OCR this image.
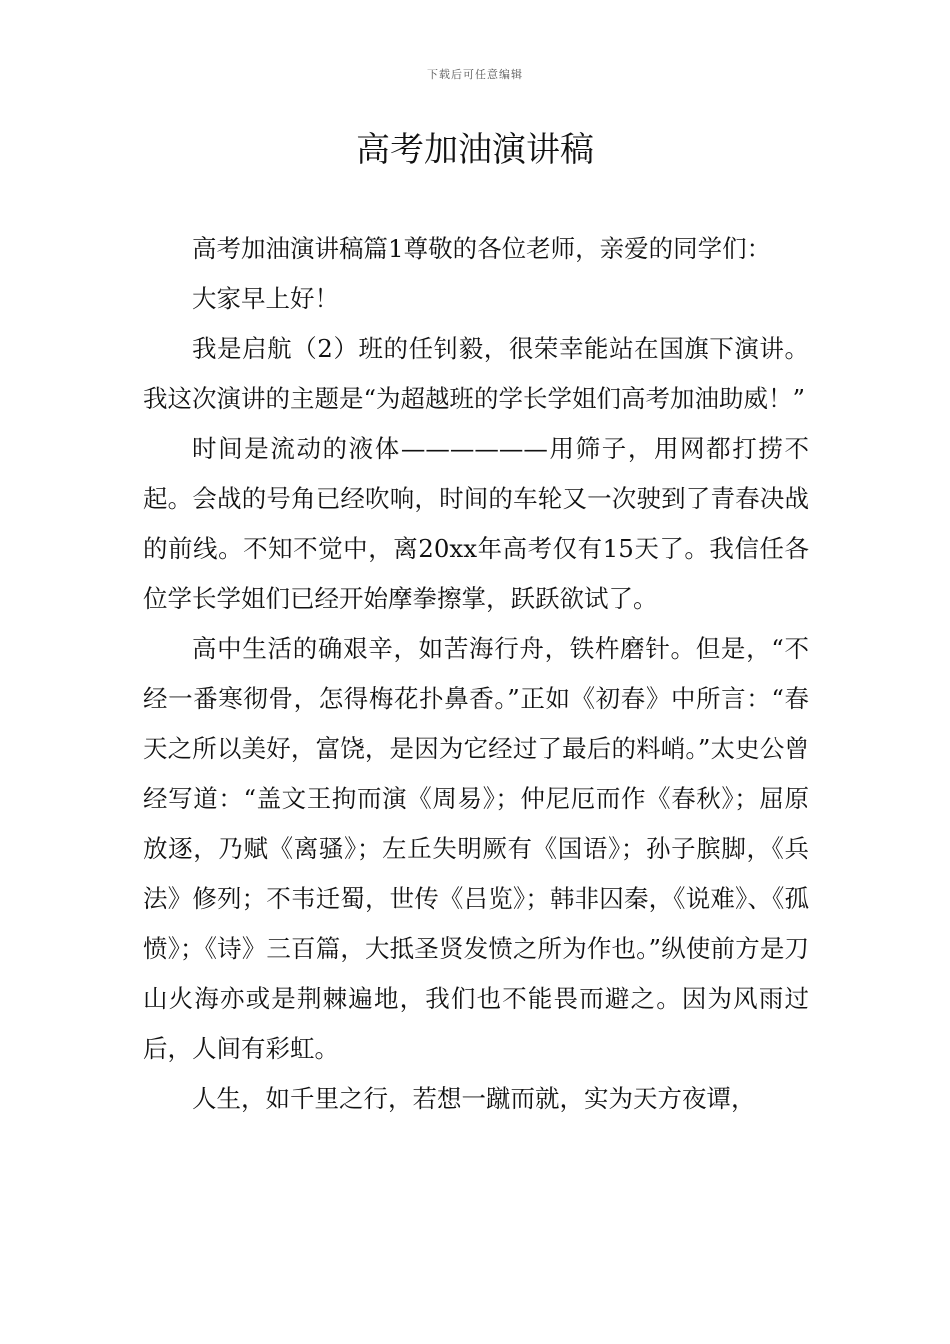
下载后可任意编辑
高考加油演讲稿

高考加油演讲稿篇1尊敬的各位老师，亲爱的同学们：

大家早上好！

我是启航（2）班的任钊毅，很荣幸能站在国旗下演讲。我这次演讲的主题是“为超越班的学长学姐们高考加油助威！”

时间是流动的液体——————用筛子，用网都打捞不起。会战的号角已经吹响，时间的车轮又一次驶到了青春决战的前线。不知不觉中，离20xx年高考仅有15天了。我信任各位学长学姐们已经开始摩拳擦掌，跃跃欲试了。

高中生活的确艰辛，如苦海行舟，铁杵磨针。但是，“不经一番寒彻骨，怎得梅花扑鼻香。”正如《初春》中所言：“春天之所以美好，富饶，是因为它经过了最后的料峭。”太史公曾经写道：“盖文王拘而演《周易》；仲尼厄而作《春秋》；屈原放逐，乃赋《离骚》；左丘失明厥有《国语》；孙子膑脚，《兵法》修列；不韦迁蜀，世传《吕览》；韩非囚秦，《说难》、《孤愤》；《诗》三百篇，大抵圣贤发愤之所为作也。”纵使前方是刀山火海亦或是荆棘遍地，我们也不能畏而避之。因为风雨过后，人间有彩虹。

人生，如千里之行，若想一蹴而就，实为天方夜谭，
